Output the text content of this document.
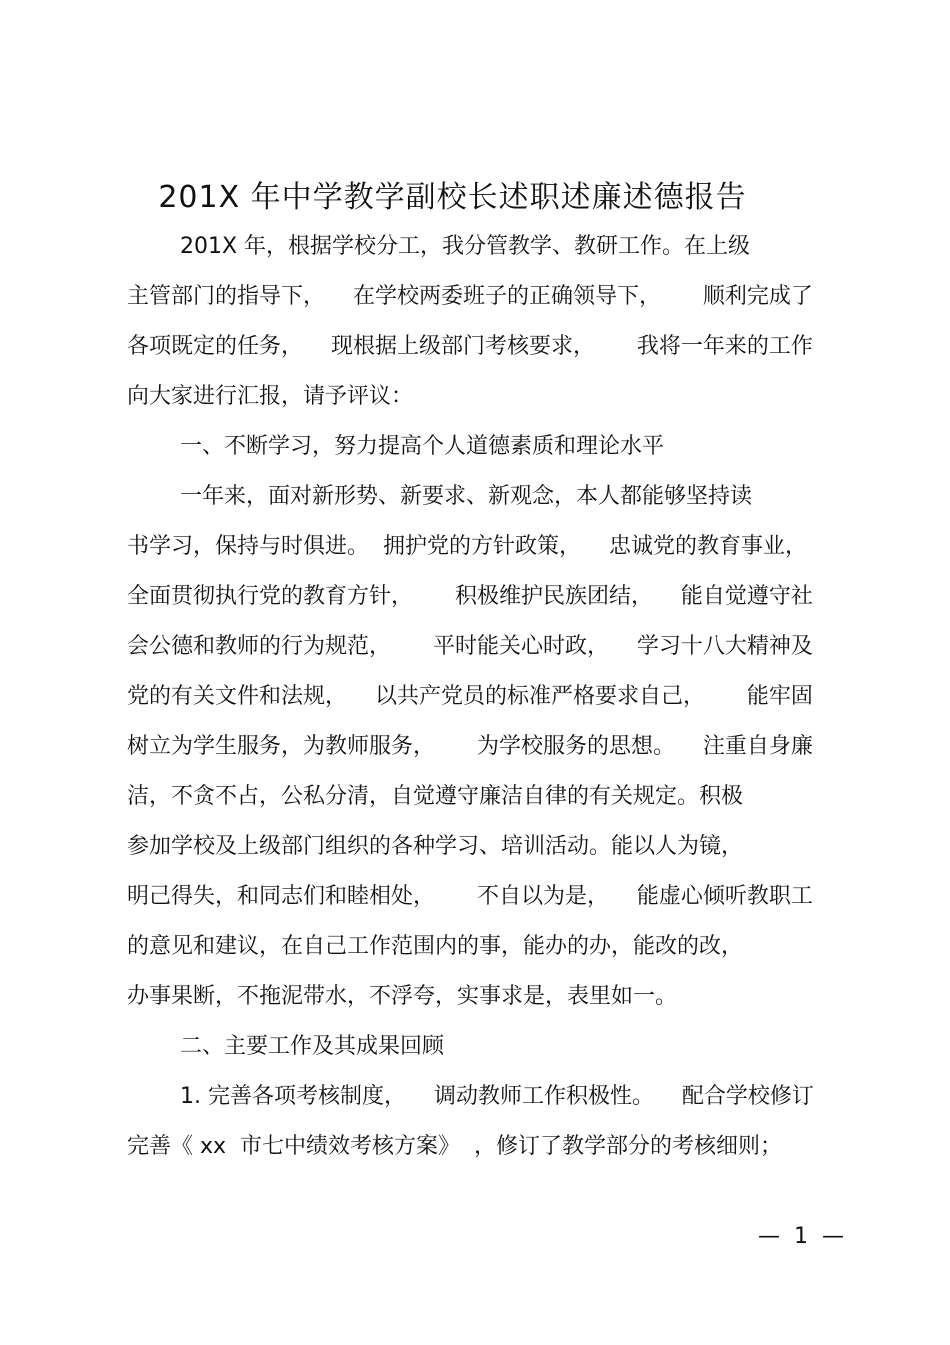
201X 年中学教学副校长述职述廉述德报告
201X 年，根据学校分工，我分管教学、教研工作。在上级
主管部门的指导下，    在学校两委班子的正确领导下，      顺利完成了
各项既定的任务，    现根据上级部门考核要求，      我将一年来的工作
向大家进行汇报，请予评议：
一、不断学习，努力提高个人道德素质和理论水平
一年来，面对新形势、新要求、新观念，本人都能够坚持读
书学习，保持与时俱进。  拥护党的方针政策，    忠诚党的教育事业，
全面贯彻执行党的教育方针，      积极维护民族团结，    能自觉遵守社
会公德和教师的行为规范，      平时能关心时政，    学习十八大精神及
党的有关文件和法规，    以共产党员的标准严格要求自己，      能牢固
树立为学生服务，为教师服务，      为学校服务的思想。    注重自身廉
洁，不贪不占，公私分清，自觉遵守廉洁自律的有关规定。积极
参加学校及上级部门组织的各种学习、培训活动。能以人为镜，
明己得失，和同志们和睦相处，      不自以为是，    能虚心倾听教职工
的意见和建议，在自己工作范围内的事，能办的办，能改的改，
办事果断，不拖泥带水，不浮夸，实事求是，表里如一。
二、主要工作及其成果回顾
1. 完善各项考核制度，    调动教师工作积极性。    配合学校修订
完善《 xx  市七中绩效考核方案》  ，修订了教学部分的考核细则；
—  1  —
